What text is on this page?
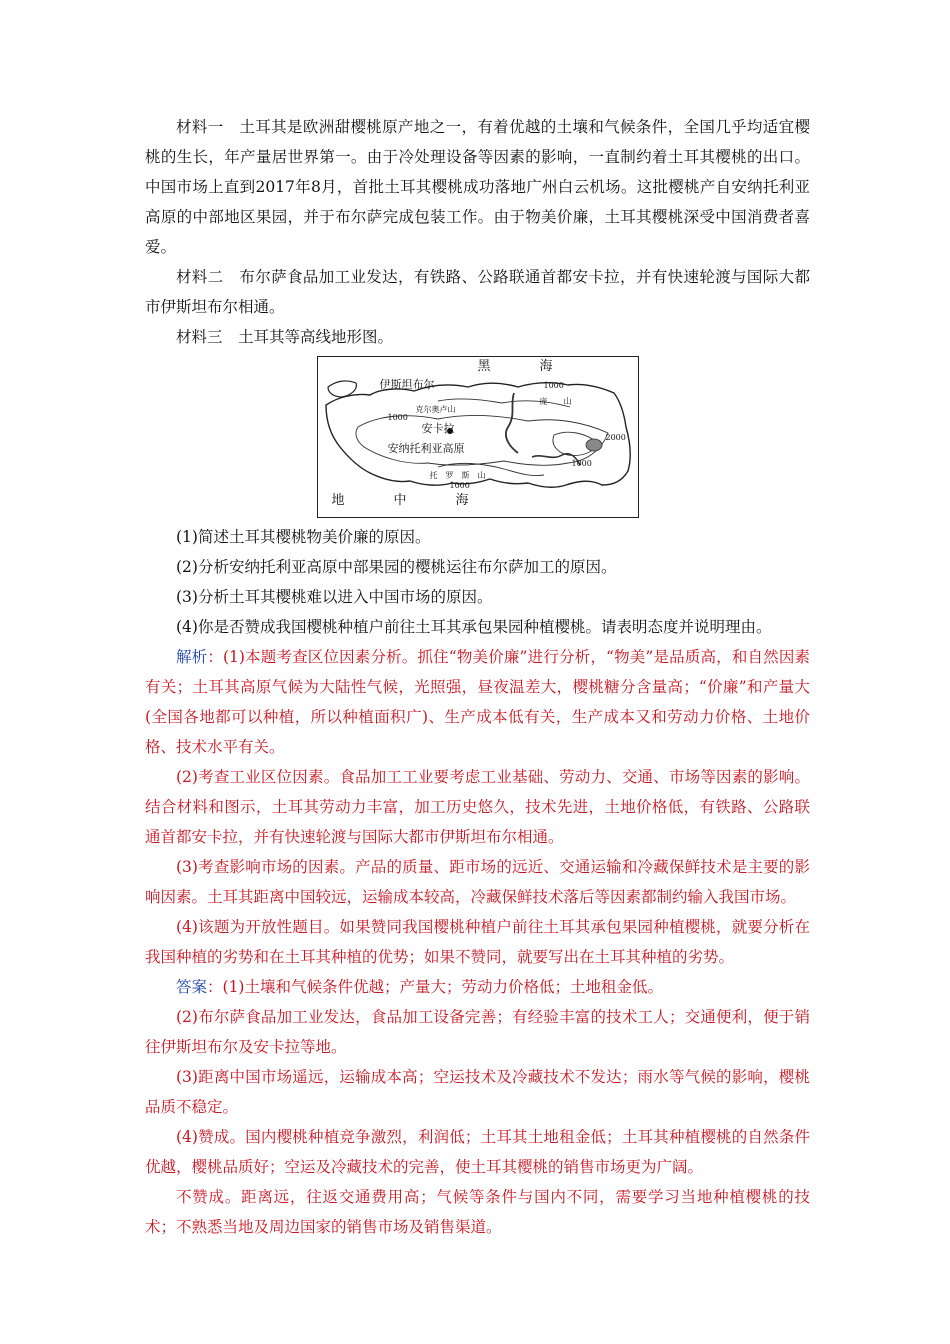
材料一　土耳其是欧洲甜樱桃原产地之一，有着优越的土壤和气候条件，全国几乎均适宜樱桃的生长，年产量居世界第一。由于冷处理设备等因素的影响，一直制约着土耳其樱桃的出口。中国市场上直到2017年8月，首批土耳其樱桃成功落地广州白云机场。这批樱桃产自安纳托利亚高原的中部地区果园，并于布尔萨完成包装工作。由于物美价廉，土耳其樱桃深受中国消费者喜爱。

材料二　布尔萨食品加工业发达，有铁路、公路联通首都安卡拉，并有快速轮渡与国际大都市伊斯坦布尔相通。

材料三　土耳其等高线地形图。

黑　海
地　中　海
伊斯坦布尔
安卡拉
安纳托利亚高原
托　罗　斯　山
庞　　山
克尔奥卢山
1000
1000
1000
1000
2000

(1)简述土耳其樱桃物美价廉的原因。

(2)分析安纳托利亚高原中部果园的樱桃运往布尔萨加工的原因。

(3)分析土耳其樱桃难以进入中国市场的原因。

(4)你是否赞成我国樱桃种植户前往土耳其承包果园种植樱桃。请表明态度并说明理由。

解析：(1)本题考查区位因素分析。抓住“物美价廉”进行分析，“物美”是品质高，和自然因素有关；土耳其高原气候为大陆性气候，光照强，昼夜温差大，樱桃糖分含量高；“价廉”和产量大(全国各地都可以种植，所以种植面积广)、生产成本低有关，生产成本又和劳动力价格、土地价格、技术水平有关。

(2)考查工业区位因素。食品加工工业要考虑工业基础、劳动力、交通、市场等因素的影响。结合材料和图示，土耳其劳动力丰富，加工历史悠久，技术先进，土地价格低，有铁路、公路联通首都安卡拉，并有快速轮渡与国际大都市伊斯坦布尔相通。

(3)考查影响市场的因素。产品的质量、距市场的远近、交通运输和冷藏保鲜技术是主要的影响因素。土耳其距离中国较远，运输成本较高，冷藏保鲜技术落后等因素都制约输入我国市场。

(4)该题为开放性题目。如果赞同我国樱桃种植户前往土耳其承包果园种植樱桃，就要分析在我国种植的劣势和在土耳其种植的优势；如果不赞同，就要写出在土耳其种植的劣势。

答案：(1)土壤和气候条件优越；产量大；劳动力价格低；土地租金低。

(2)布尔萨食品加工业发达，食品加工设备完善；有经验丰富的技术工人；交通便利，便于销往伊斯坦布尔及安卡拉等地。

(3)距离中国市场遥远，运输成本高；空运技术及冷藏技术不发达；雨水等气候的影响，樱桃品质不稳定。

(4)赞成。国内樱桃种植竞争激烈，利润低；土耳其土地租金低；土耳其种植樱桃的自然条件优越，樱桃品质好；空运及冷藏技术的完善，使土耳其樱桃的销售市场更为广阔。

不赞成。距离远，往返交通费用高；气候等条件与国内不同，需要学习当地种植樱桃的技术；不熟悉当地及周边国家的销售市场及销售渠道。
